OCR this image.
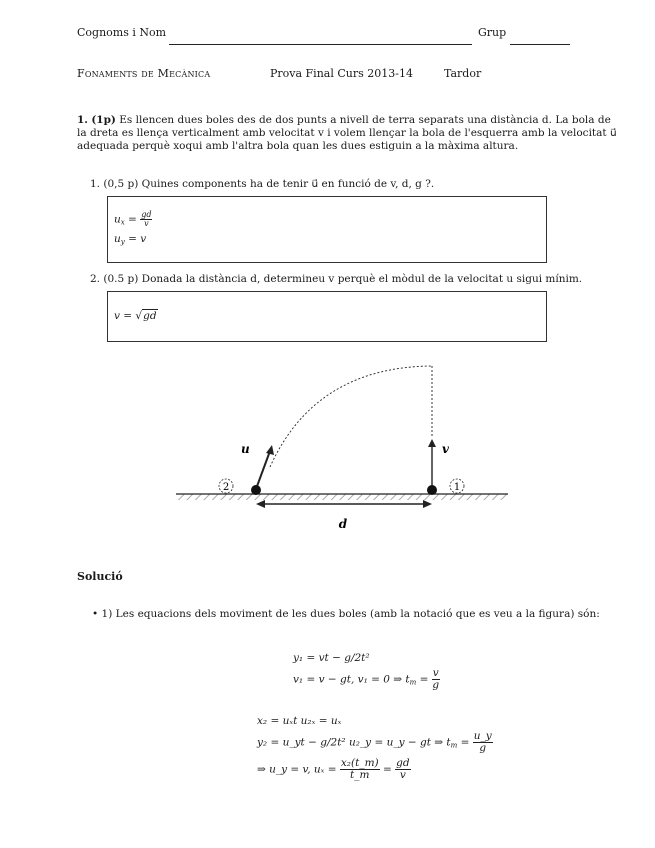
Cognoms i Nom	Grup
Fonaments de Mecànica	Prova Final Curs 2013-14	Tardor
1. (1p) Es llencen dues boles des de dos punts a nivell de terra separats una distància d. La bola de
la dreta es llença verticalment amb velocitat v i volem llençar la bola de l'esquerra amb la velocitat u⃗
adequada perquè xoqui amb l'altra bola quan les dues estiguin a la màxima altura.
1. (0,5 p) Quines components ha de tenir u⃗ en funció de v, d, g ?.
$u_x = \frac{gd}{v}$
$u_y = v$
2. (0.5 p) Donada la distància d, determineu v perquè el mòdul de la velocitat u sigui mínim.
v = √gd
2	1
u	v
d
Solució
• 1) Les equacions dels moviment de les dues boles (amb la notació que es veu a la figura) són:
y₁ = vt − g/2t²
v₁ = v − gt, v₁ = 0 ⇒ $t_m = \frac{v}{g}$
x₂ = uₓt u₂ₓ = uₓ
y₂ = u_yt − g/2t² u₂_y = u_y − gt ⇒ $t_m = \frac{u\_y}{g}$
⇒ u_y = v, $u_x = \frac{\text{x₂(t\_m)}}{t\_m} = \frac{gd}{v}$
